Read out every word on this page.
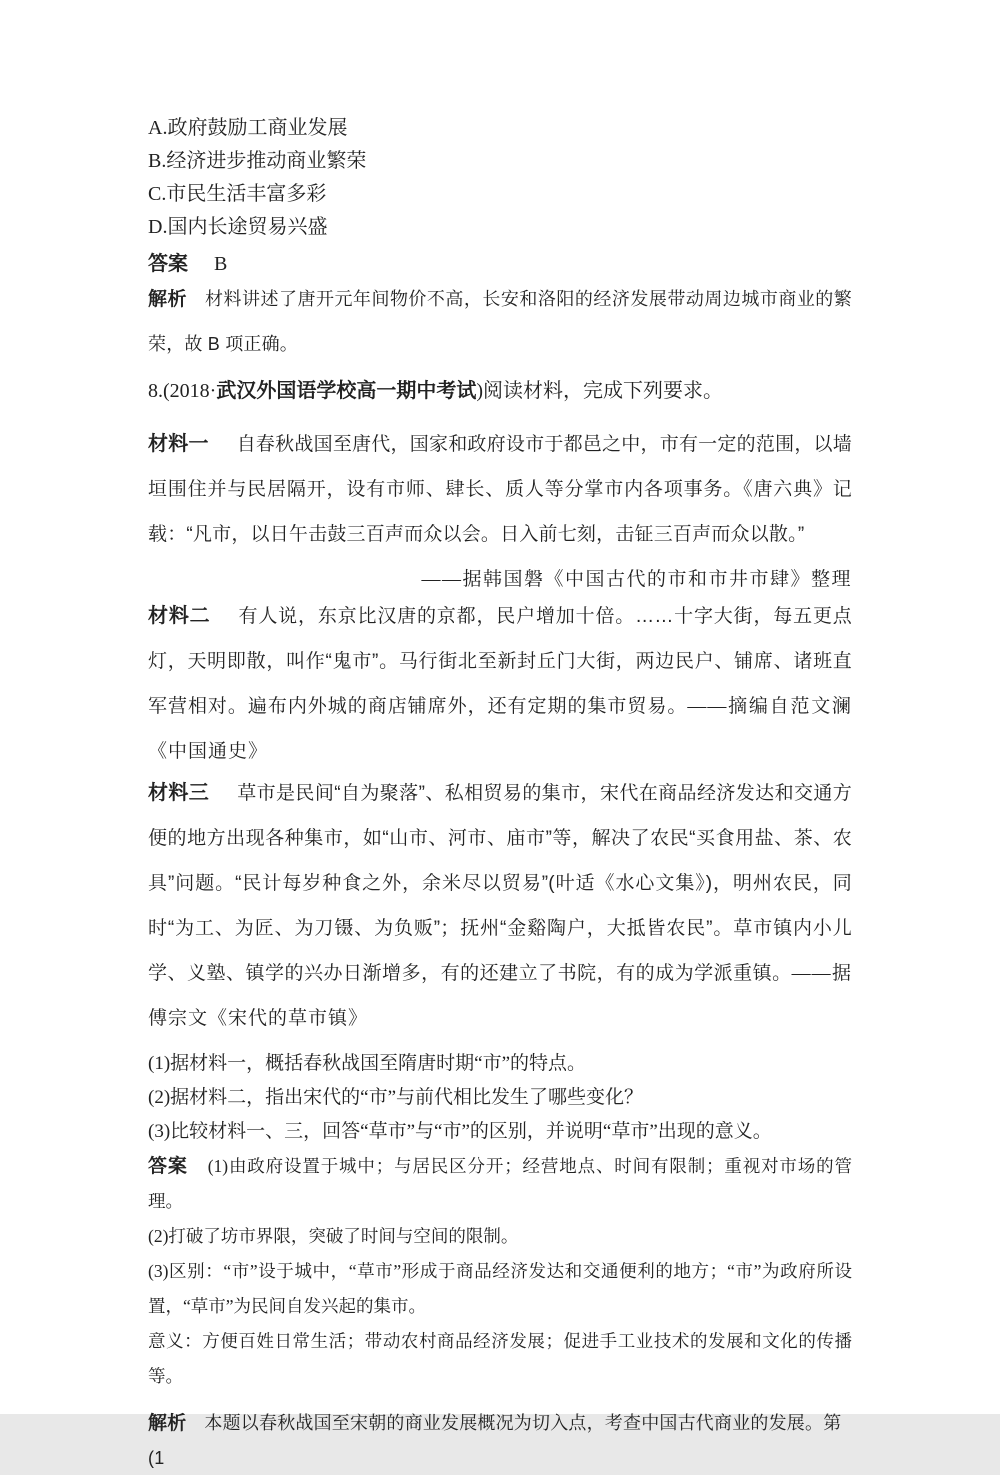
A.政府鼓励工商业发展
B.经济进步推动商业繁荣
C.市民生活丰富多彩
D.国内长途贸易兴盛

答案 B

解析 材料讲述了唐开元年间物价不高，长安和洛阳的经济发展带动周边城市商业的繁荣，故 B 项正确。

8.(2018·武汉外国语学校高一期中考试)阅读材料，完成下列要求。

材料一 自春秋战国至唐代，国家和政府设市于都邑之中，市有一定的范围，以墙垣围住并与民居隔开，设有市师、肆长、质人等分掌市内各项事务。《唐六典》记载：“凡市，以日午击鼓三百声而众以会。日入前七刻，击钲三百声而众以散。”

——据韩国磐《中国古代的市和市井市肆》整理

材料二 有人说，东京比汉唐的京都，民户增加十倍。……十字大街，每五更点灯，天明即散，叫作“鬼市”。马行街北至新封丘门大街，两边民户、铺席、诸班直军营相对。遍布内外城的商店铺席外，还有定期的集市贸易。——摘编自范文澜《中国通史》

材料三 草市是民间“自为聚落”、私相贸易的集市，宋代在商品经济发达和交通方便的地方出现各种集市，如“山市、河市、庙市”等，解决了农民“买食用盐、茶、农具”问题。“民计每岁种食之外，余米尽以贸易”(叶适《水心文集》)，明州农民，同时“为工、为匠、为刀镊、为负贩”；抚州“金谿陶户，大抵皆农民”。草市镇内小儿学、义塾、镇学的兴办日渐增多，有的还建立了书院，有的成为学派重镇。——据傅宗文《宋代的草市镇》

(1)据材料一，概括春秋战国至隋唐时期“市”的特点。

(2)据材料二，指出宋代的“市”与前代相比发生了哪些变化？

(3)比较材料一、三，回答“草市”与“市”的区别，并说明“草市”出现的意义。

答案 (1)由政府设置于城中；与居民区分开；经营地点、时间有限制；重视对市场的管理。

(2)打破了坊市界限，突破了时间与空间的限制。

(3)区别：“市”设于城中，“草市”形成于商品经济发达和交通便利的地方；“市”为政府所设置，“草市”为民间自发兴起的集市。

意义：方便百姓日常生活；带动农村商品经济发展；促进手工业技术的发展和文化的传播等。

解析 本题以春秋战国至宋朝的商业发展概况为切入点，考查中国古代商业的发展。第(1
